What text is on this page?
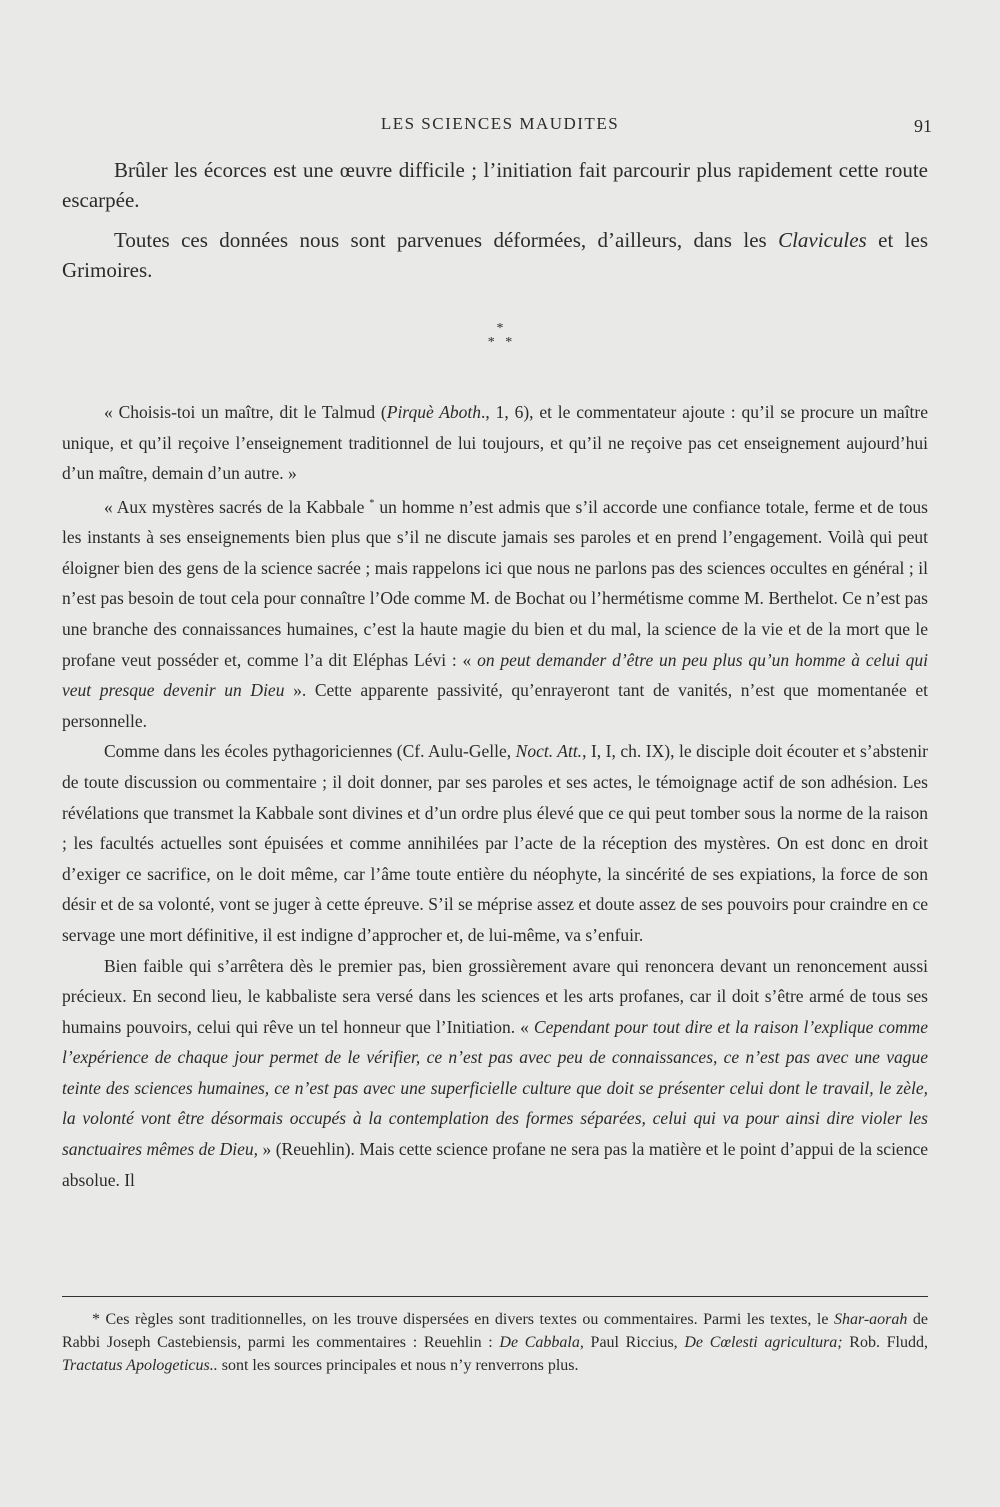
LES SCIENCES MAUDITES	91

Brûler les écorces est une œuvre difficile ; l’initiation fait parcourir plus rapidement cette route escarpée.

Toutes ces données nous sont parvenues déformées, d’ailleurs, dans les Clavicules et les Grimoires.

*
*   *

« Choisis-toi un maître, dit le Talmud (Pirquè Aboth., 1, 6), et le commentateur ajoute : qu’il se procure un maître unique, et qu’il reçoive l’enseignement traditionnel de lui toujours, et qu’il ne reçoive pas cet enseignement aujourd’hui d’un maître, demain d’un autre. »

« Aux mystères sacrés de la Kabbale * un homme n’est admis que s’il accorde une confiance totale, ferme et de tous les instants à ses enseignements bien plus que s’il ne discute jamais ses paroles et en prend l’engagement. Voilà qui peut éloigner bien des gens de la science sacrée ; mais rappelons ici que nous ne parlons pas des sciences occultes en général ; il n’est pas besoin de tout cela pour connaître l’Ode comme M. de Bochat ou l’hermétisme comme M. Berthelot. Ce n’est pas une branche des connaissances humaines, c’est la haute magie du bien et du mal, la science de la vie et de la mort que le profane veut posséder et, comme l’a dit Eléphas Lévi : « on peut demander d’être un peu plus qu’un homme à celui qui veut presque devenir un Dieu ». Cette apparente passivité, qu’enrayeront tant de vanités, n’est que momentanée et personnelle.

Comme dans les écoles pythagoriciennes (Cf. Aulu-Gelle, Noct. Att., I, I, ch. IX), le disciple doit écouter et s’abstenir de toute discussion ou commentaire ; il doit donner, par ses paroles et ses actes, le témoignage actif de son adhésion. Les révélations que transmet la Kabbale sont divines et d’un ordre plus élevé que ce qui peut tomber sous la norme de la raison ; les facultés actuelles sont épuisées et comme annihilées par l’acte de la réception des mystères. On est donc en droit d’exiger ce sacrifice, on le doit même, car l’âme toute entière du néophyte, la sincérité de ses expiations, la force de son désir et de sa volonté, vont se juger à cette épreuve. S’il se méprise assez et doute assez de ses pouvoirs pour craindre en ce servage une mort définitive, il est indigne d’approcher et, de lui-même, va s’enfuir.

Bien faible qui s’arrêtera dès le premier pas, bien grossièrement avare qui renoncera devant un renoncement aussi précieux. En second lieu, le kabbaliste sera versé dans les sciences et les arts profanes, car il doit s’être armé de tous ses humains pouvoirs, celui qui rêve un tel honneur que l’Initiation. « Cependant pour tout dire et la raison l’explique comme l’expérience de chaque jour permet de le vérifier, ce n’est pas avec peu de connaissances, ce n’est pas avec une vague teinte des sciences humaines, ce n’est pas avec une superficielle culture que doit se présenter celui dont le travail, le zèle, la volonté vont être désormais occupés à la contemplation des formes séparées, celui qui va pour ainsi dire violer les sanctuaires mêmes de Dieu, » (Reuehlin). Mais cette science profane ne sera pas la matière et le point d’appui de la science absolue. Il

* Ces règles sont traditionnelles, on les trouve dispersées en divers textes ou commentaires. Parmi les textes, le Shar-aorah de Rabbi Joseph Castebiensis, parmi les commentaires : Reuehlin : De Cabbala, Paul Riccius, De Cœlesti agricultura; Rob. Fludd, Tractatus Apologeticus.. sont les sources principales et nous n’y renverrons plus.
